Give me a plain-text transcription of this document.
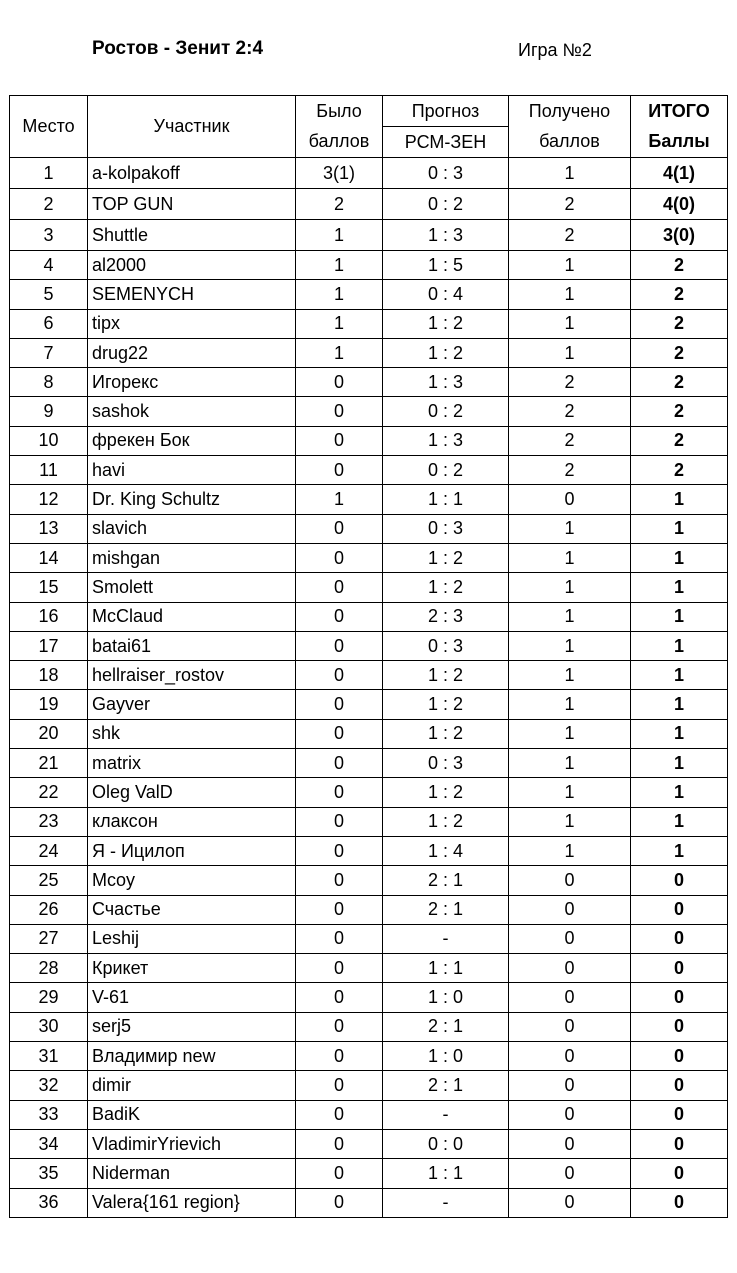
Ростов - Зенит 2:4	Игра №2
Место	Участник	Было	Прогноз	Получено	ИТОГО
		баллов	РСМ-ЗЕН	баллов	Баллы
1	a-kolpakoff	3(1)	0 : 3	1	4(1)
2	TOP GUN	2	0 : 2	2	4(0)
3	Shuttle	1	1 : 3	2	3(0)
4	al2000	1	1 : 5	1	2
5	SEMENYCH	1	0 : 4	1	2
6	tipx	1	1 : 2	1	2
7	drug22	1	1 : 2	1	2
8	Игорекс	0	1 : 3	2	2
9	sashok	0	0 : 2	2	2
10	фрекен Бок	0	1 : 3	2	2
11	havi	0	0 : 2	2	2
12	Dr. King Schultz	1	1 : 1	0	1
13	slavich	0	0 : 3	1	1
14	mishgan	0	1 : 2	1	1
15	Smolett	0	1 : 2	1	1
16	McClaud	0	2 : 3	1	1
17	batai61	0	0 : 3	1	1
18	hellraiser_rostov	0	1 : 2	1	1
19	Gayver	0	1 : 2	1	1
20	shk	0	1 : 2	1	1
21	matrix	0	0 : 3	1	1
22	Oleg ValD	0	1 : 2	1	1
23	клаксон	0	1 : 2	1	1
24	Я - Ицилоп	0	1 : 4	1	1
25	Mcoy	0	2 : 1	0	0
26	Счастье	0	2 : 1	0	0
27	Leshij	0	-	0	0
28	Крикет	0	1 : 1	0	0
29	V-61	0	1 : 0	0	0
30	serj5	0	2 : 1	0	0
31	Владимир new	0	1 : 0	0	0
32	dimir	0	2 : 1	0	0
33	BadiK	0	-	0	0
34	VladimirYrievich	0	0 : 0	0	0
35	Niderman	0	1 : 1	0	0
36	Valera{161 region}	0	-	0	0
